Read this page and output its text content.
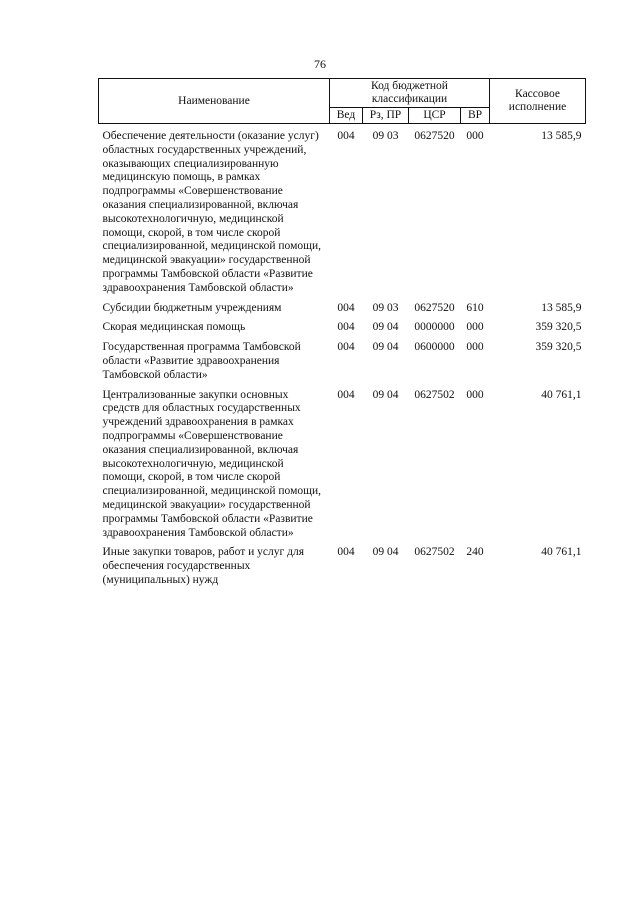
76
Наименование	Код бюджетной классификации				Кассовое исполнение
	Вед	Рз, ПР	ЦСР	ВР	
Обеспечение деятельности (оказание услуг) областных государственных учреждений, оказывающих специализированную медицинскую помощь, в рамках подпрограммы «Совершенствование оказания специализированной, включая высокотехнологичную, медицинской помощи, скорой, в том числе скорой специализированной, медицинской помощи, медицинской эвакуации» государственной программы Тамбовской области «Развитие здравоохранения Тамбовской области»	004	09 03	0627520	000	13 585,9
Субсидии бюджетным учреждениям	004	09 03	0627520	610	13 585,9
Скорая медицинская помощь	004	09 04	0000000	000	359 320,5
Государственная программа Тамбовской области «Развитие здравоохранения Тамбовской области»	004	09 04	0600000	000	359 320,5
Централизованные закупки основных средств для областных государственных учреждений здравоохранения в рамках подпрограммы «Совершенствование оказания специализированной, включая высокотехнологичную, медицинской помощи, скорой, в том числе скорой специализированной, медицинской помощи, медицинской эвакуации» государственной программы Тамбовской области «Развитие здравоохранения Тамбовской области»	004	09 04	0627502	000	40 761,1
Иные закупки товаров, работ и услуг для обеспечения государственных (муниципальных) нужд	004	09 04	0627502	240	40 761,1
